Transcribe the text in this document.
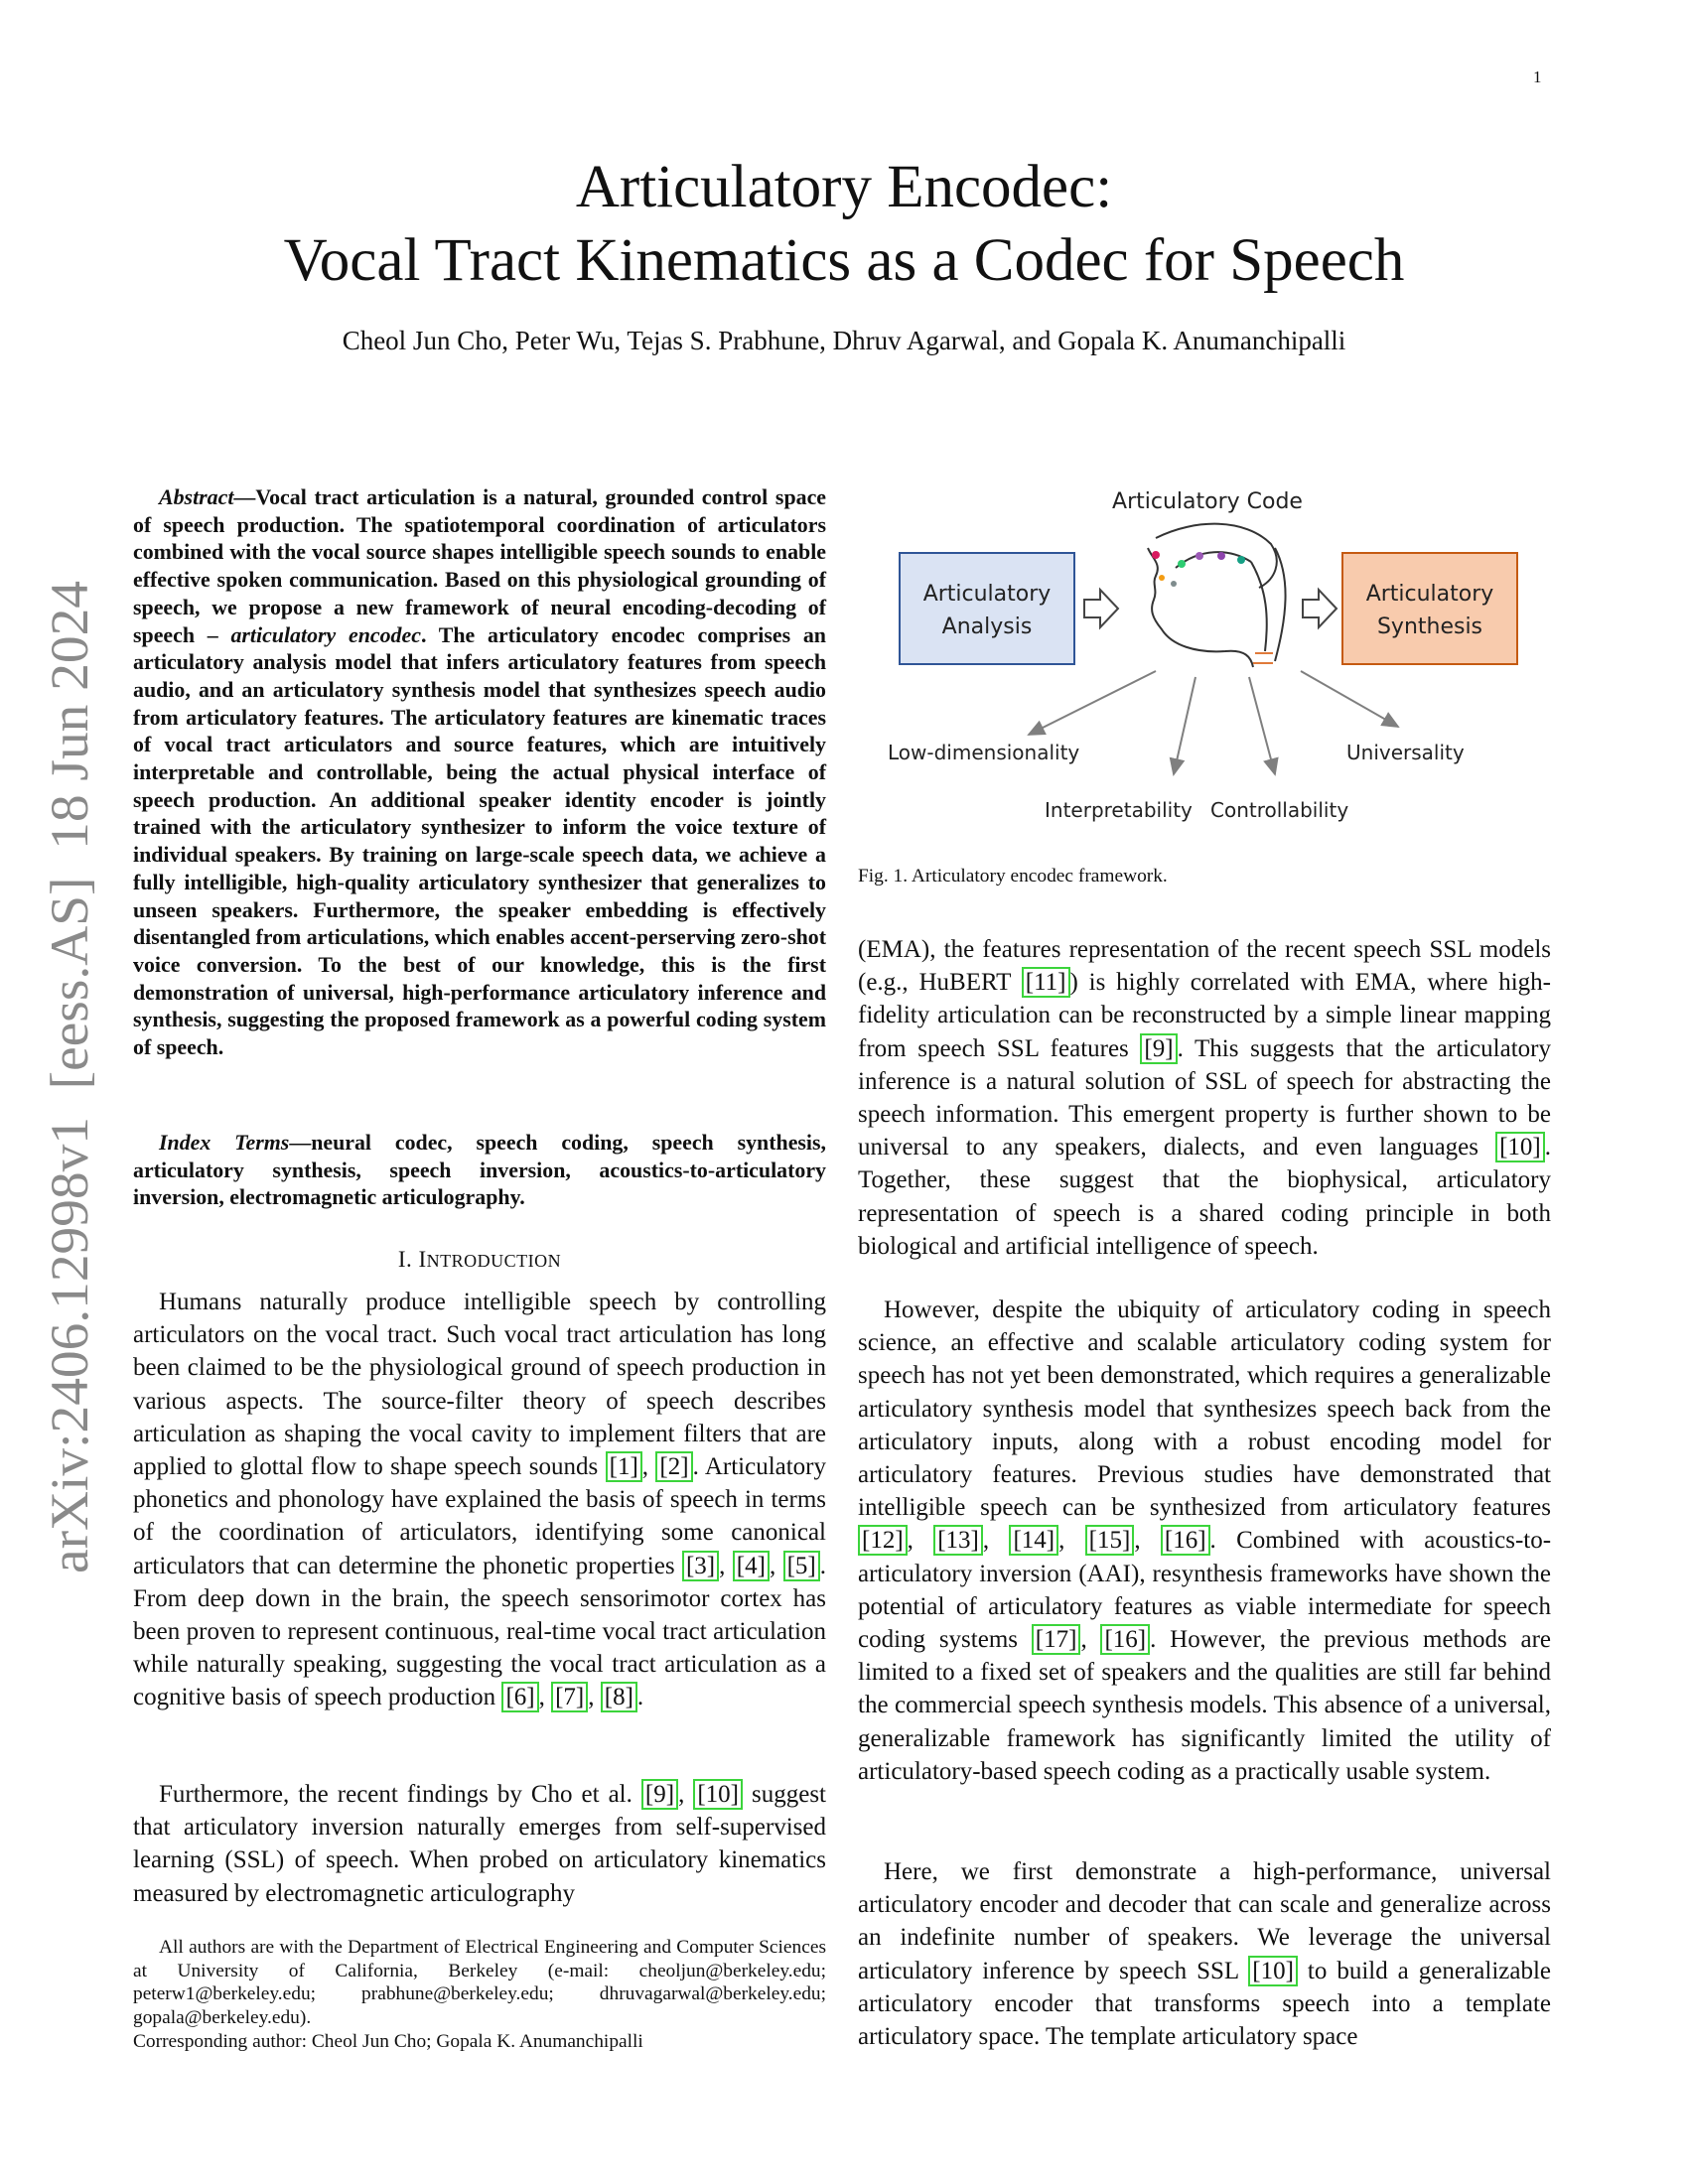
1
arXiv:2406.12998v1  [eess.AS]  18 Jun 2024
Articulatory Encodec:
Vocal Tract Kinematics as a Codec for Speech
Cheol Jun Cho, Peter Wu, Tejas S. Prabhune, Dhruv Agarwal, and Gopala K. Anumanchipalli
Abstract—Vocal tract articulation is a natural, grounded control space of speech production. The spatiotemporal coordination of articulators combined with the vocal source shapes intelligible speech sounds to enable effective spoken communication. Based on this physiological grounding of speech, we propose a new framework of neural encoding-decoding of speech – articulatory encodec. The articulatory encodec comprises an articulatory analysis model that infers articulatory features from speech audio, and an articulatory synthesis model that synthesizes speech audio from articulatory features. The articulatory features are kinematic traces of vocal tract articulators and source features, which are intuitively interpretable and controllable, being the actual physical interface of speech production. An additional speaker identity encoder is jointly trained with the articulatory synthesizer to inform the voice texture of individual speakers. By training on large-scale speech data, we achieve a fully intelligible, high-quality articulatory synthesizer that generalizes to unseen speakers. Furthermore, the speaker embedding is effectively disentangled from articulations, which enables accent-perserving zero-shot voice conversion. To the best of our knowledge, this is the first demonstration of universal, high-performance articulatory inference and synthesis, suggesting the proposed framework as a powerful coding system of speech.
Index Terms—neural codec, speech coding, speech synthesis, articulatory synthesis, speech inversion, acoustics-to-articulatory inversion, electromagnetic articulography.
I. INTRODUCTION
Humans naturally produce intelligible speech by controlling articulators on the vocal tract. Such vocal tract articulation has long been claimed to be the physiological ground of speech production in various aspects. The source-filter theory of speech describes articulation as shaping the vocal cavity to implement filters that are applied to glottal flow to shape speech sounds [1] , [2] . Articulatory phonetics and phonology have explained the basis of speech in terms of the coordination of articulators, identifying some canonical articulators that can determine the phonetic properties [3] , [4] , [5] . From deep down in the brain, the speech sensorimotor cortex has been proven to represent continuous, real-time vocal tract articulation while naturally speaking, suggesting the vocal tract articulation as a cognitive basis of speech production [6] , [7] , [8] .
Furthermore, the recent findings by Cho et al. [9] , [10] suggest that articulatory inversion naturally emerges from self-supervised learning (SSL) of speech. When probed on articulatory kinematics measured by electromagnetic articulography
All authors are with the Department of Electrical Engineering and Computer Sciences at University of California, Berkeley (e-mail: cheoljun@berkeley.edu; peterw1@berkeley.edu; prabhune@berkeley.edu; dhruvagarwal@berkeley.edu; gopala@berkeley.edu).
Corresponding author: Cheol Jun Cho; Gopala K. Anumanchipalli
Articulatory Code
Articulatory
Analysis
Articulatory
Synthesis
Low-dimensionality	Universality
Interpretability Controllability
Fig. 1. Articulatory encodec framework.
(EMA), the features representation of the recent speech SSL models (e.g., HuBERT [11] ) is highly correlated with EMA, where high-fidelity articulation can be reconstructed by a simple linear mapping from speech SSL features [9] . This suggests that the articulatory inference is a natural solution of SSL of speech for abstracting the speech information. This emergent property is further shown to be universal to any speakers, dialects, and even languages [10] . Together, these suggest that the biophysical, articulatory representation of speech is a shared coding principle in both biological and artificial intelligence of speech.
However, despite the ubiquity of articulatory coding in speech science, an effective and scalable articulatory coding system for speech has not yet been demonstrated, which requires a generalizable articulatory synthesis model that synthesizes speech back from the articulatory inputs, along with a robust encoding model for articulatory features. Previous studies have demonstrated that intelligible speech can be synthesized from articulatory features [12] , [13] , [14] , [15] , [16] . Combined with acoustics-to-articulatory inversion (AAI), resynthesis frameworks have shown the potential of articulatory features as viable intermediate for speech coding systems [17] , [16] . However, the previous methods are limited to a fixed set of speakers and the qualities are still far behind the commercial speech synthesis models. This absence of a universal, generalizable framework has significantly limited the utility of articulatory-based speech coding as a practically usable system.
Here, we first demonstrate a high-performance, universal articulatory encoder and decoder that can scale and generalize across an indefinite number of speakers. We leverage the universal articulatory inference by speech SSL [10] to build a generalizable articulatory encoder that transforms speech into a template articulatory space. The template articulatory space
